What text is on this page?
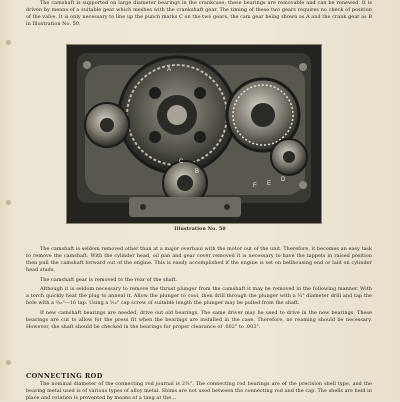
The camshaft is supported on large diameter bearings in the crankcase; these bearings are removable and can be renewed. It is driven by means of a suitable gear which meshes with the crankshaft gear. The timing of these two gears requires no check of position of the valve. It is only necessary to line up the punch marks C on the two gears, the cam gear being shown as A and the crank gear as B in Illustration No. 50.

A
B
C
D
E
F
Illustration No. 50

The camshaft is seldom removed other than at a major overhaul with the motor out of the unit. Therefore, it becomes an easy task to remove the camshaft. With the cylinder head, oil pan and gear cover removed it is necessary to have the tappets in raised position then pull the camshaft forward out of the engine. This is easily accomplished if the engine is set on bellhousing end or laid on cylinder head studs.

The camshaft gear is removed to the rear of the shaft.

Although it is seldom necessary to remove the thrust plunger from the camshaft it may be removed in the following manner. With a torch quickly heat the plug to anneal it. Allow the plunger to cool, then drill through the plunger with a ¼" diameter drill and tap the hole with a ⁵⁄₁₆"—16 tap. Using a ⁵⁄₁₆" cap screw of suitable length the plunger may be pulled from the shaft.

If new camshaft bearings are needed, drive out old bearings. The same driver may be used to drive in the new bearings. These bearings are cut to allow for the press fit when the bearings are installed in the case. Therefore, no reaming should be necessary. However, the shaft should be checked in the bearings for proper clearance of .002" to .003".

CONNECTING ROD

The nominal diameter of the connecting rod journal is 2⅜". The connecting rod bearings are of the precision shell type, and the bearing metal used is of various types of alloy metal. Shims are not used between the connecting rod and the cap. The shells are held in place and rotation is prevented by means of a tang at the...
